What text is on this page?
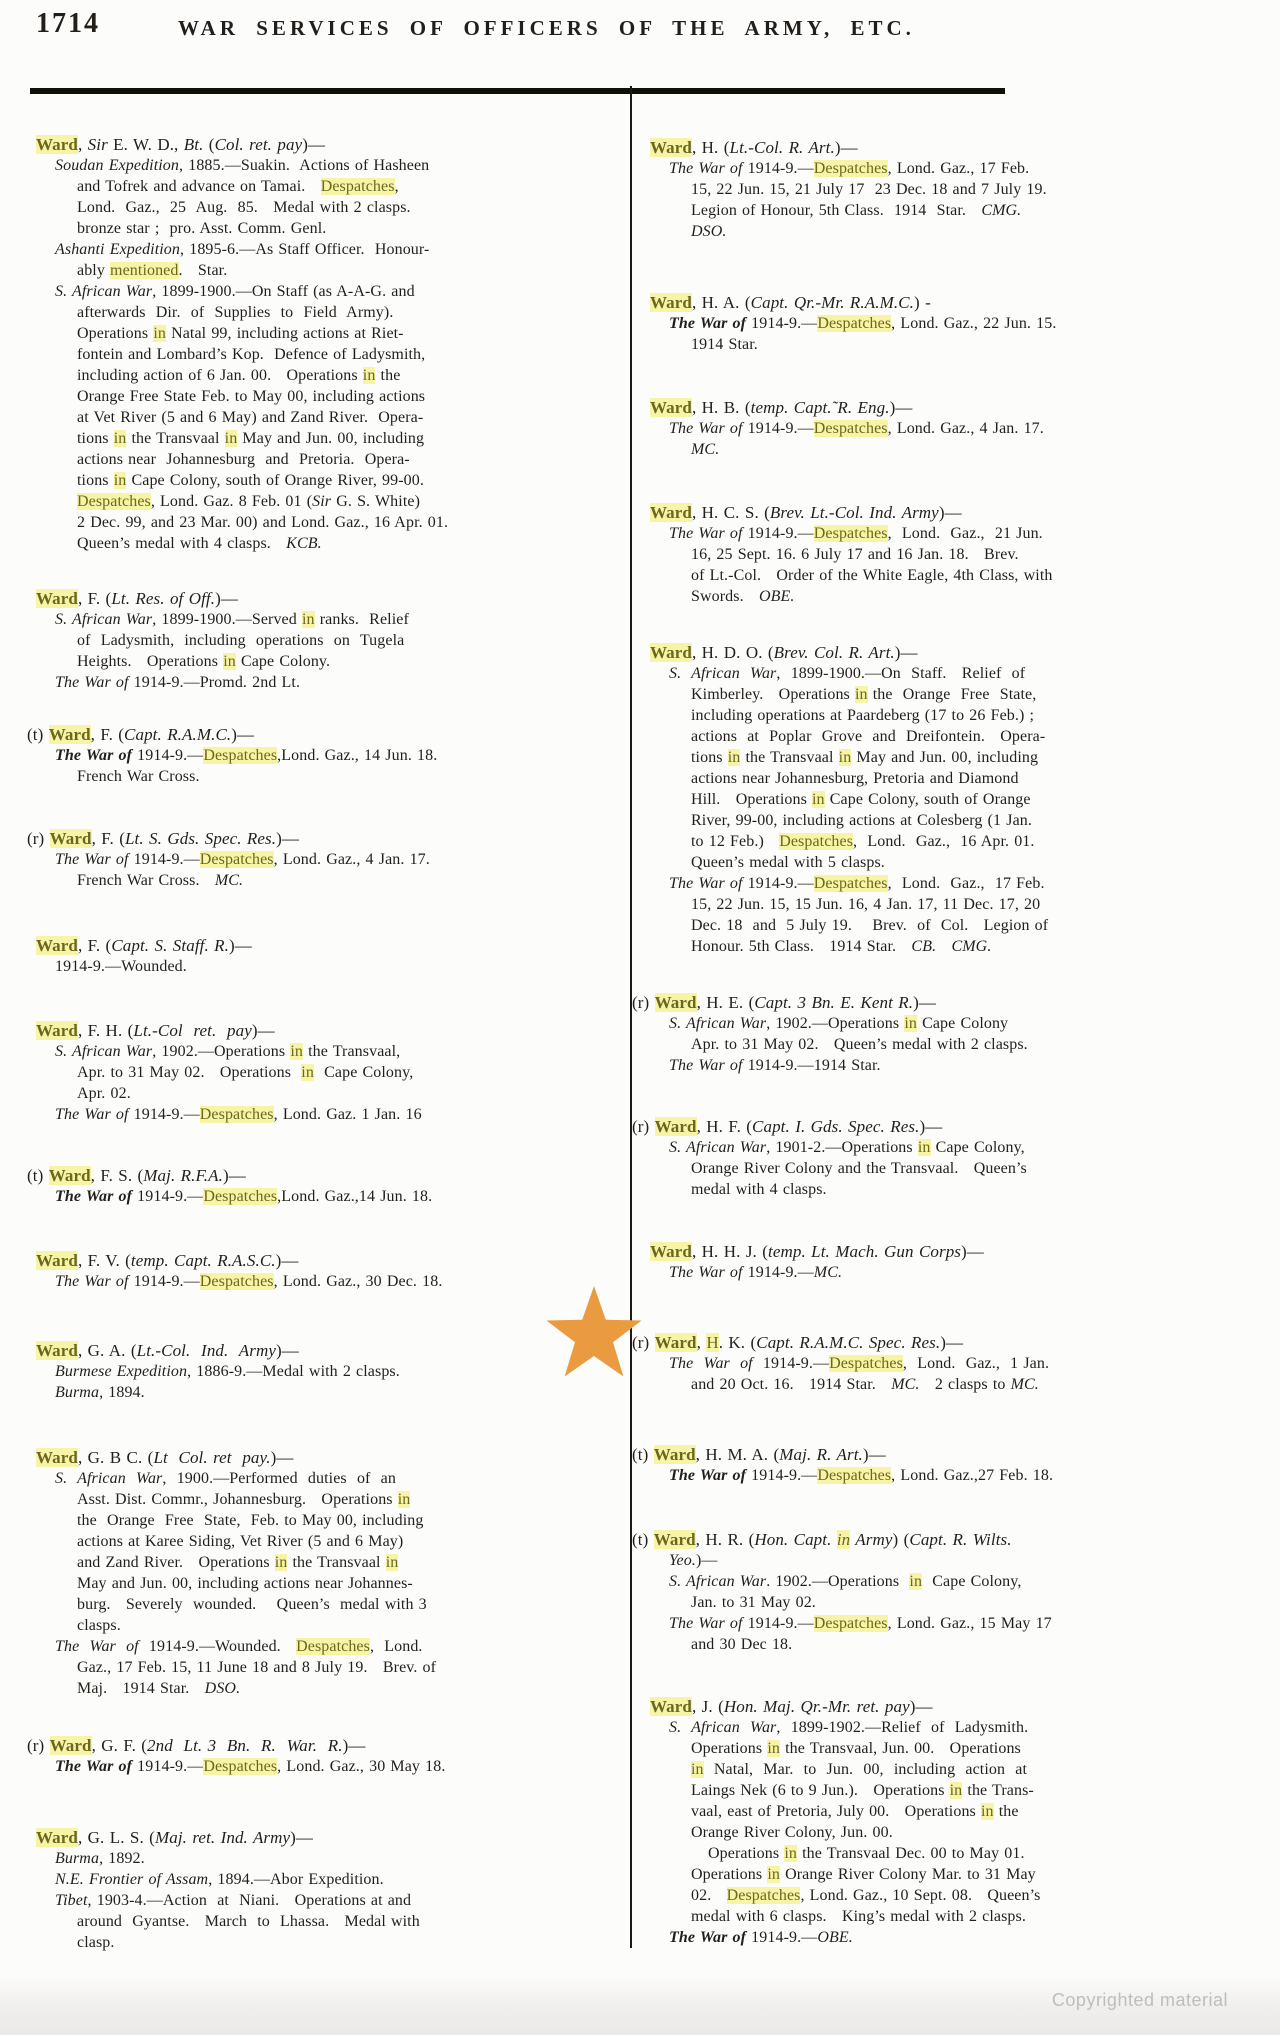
1714	WAR SERVICES OF OFFICERS OF THE ARMY, ETC.
Ward, Sir E. W. D., Bt. (Col. ret. pay)—
Soudan Expedition, 1885.—Suakin.  Actions of Hasheen
and Tofrek and advance on Tamai.   Despatches,
Lond.  Gaz.,  25  Aug.  85.   Medal with 2 clasps.
bronze star ;  pro. Asst. Comm. Genl.
Ashanti Expedition, 1895-6.—As Staff Officer.  Honour-
ably mentioned.   Star.
S. African War, 1899-1900.—On Staff (as A-A-G. and
afterwards  Dir.  of  Supplies  to  Field  Army).
Operations in Natal 99, including actions at Riet-
fontein and Lombard’s Kop.  Defence of Ladysmith,
including action of 6 Jan. 00.   Operations in the
Orange Free State Feb. to May 00, including actions
at Vet River (5 and 6 May) and Zand River.  Opera-
tions in the Transvaal in May and Jun. 00, including
actions near  Johannesburg  and  Pretoria.  Opera-
tions in Cape Colony, south of Orange River, 99-00.
Despatches, Lond. Gaz. 8 Feb. 01 (Sir G. S. White)
2 Dec. 99, and 23 Mar. 00) and Lond. Gaz., 16 Apr. 01.
Queen’s medal with 4 clasps.   KCB.
Ward, F. (Lt. Res. of Off.)—
S. African War, 1899-1900.—Served in ranks.  Relief
of  Ladysmith,  including  operations  on  Tugela
Heights.   Operations in Cape Colony.
The War of 1914-9.—Promd. 2nd Lt.
(t) Ward, F. (Capt. R.A.M.C.)—
The War of 1914-9.—Despatches,Lond. Gaz., 14 Jun. 18.
French War Cross.
(r) Ward, F. (Lt. S. Gds. Spec. Res.)—
The War of 1914-9.—Despatches, Lond. Gaz., 4 Jan. 17.
French War Cross.   MC.
Ward, F. (Capt. S. Staff. R.)—
1914-9.—Wounded.
Ward, F. H. (Lt.-Col  ret.  pay)—
S. African War, 1902.—Operations in the Transvaal,
Apr. to 31 May 02.   Operations  in  Cape Colony,
Apr. 02.
The War of 1914-9.—Despatches, Lond. Gaz. 1 Jan. 16
(t) Ward, F. S. (Maj. R.F.A.)—
The War of 1914-9.—Despatches,Lond. Gaz.,14 Jun. 18.
Ward, F. V. (temp. Capt. R.A.S.C.)—
The War of 1914-9.—Despatches, Lond. Gaz., 30 Dec. 18.
Ward, G. A. (Lt.-Col.  Ind.  Army)—
Burmese Expedition, 1886-9.—Medal with 2 clasps.
Burma, 1894.
Ward, G. B C. (Lt  Col. ret  pay.)—
S.  African  War,  1900.—Performed  duties  of  an
Asst. Dist. Commr., Johannesburg.   Operations in
the  Orange  Free  State,  Feb. to May 00, including
actions at Karee Siding, Vet River (5 and 6 May)
and Zand River.   Operations in the Transvaal in
May and Jun. 00, including actions near Johannes-
burg.   Severely  wounded.    Queen’s  medal with 3
clasps.
The  War  of  1914-9.—Wounded.   Despatches,  Lond.
Gaz., 17 Feb. 15, 11 June 18 and 8 July 19.   Brev. of
Maj.   1914 Star.   DSO.
(r) Ward, G. F. (2nd  Lt. 3  Bn.  R.  War.  R.)—
The War of 1914-9.—Despatches, Lond. Gaz., 30 May 18.
Ward, G. L. S. (Maj. ret. Ind. Army)—
Burma, 1892.
N.E. Frontier of Assam, 1894.—Abor Expedition.
Tibet, 1903-4.—Action  at  Niani.   Operations at and
around  Gyantse.   March  to  Lhassa.   Medal with
clasp.
Ward, H. (Lt.-Col. R. Art.)—
The War of 1914-9.—Despatches, Lond. Gaz., 17 Feb.
15, 22 Jun. 15, 21 July 17  23 Dec. 18 and 7 July 19.
Legion of Honour, 5th Class.  1914  Star.   CMG.
DSO.
Ward, H. A. (Capt. Qr.-Mr. R.A.M.C.) -
The War of 1914-9.—Despatches, Lond. Gaz., 22 Jun. 15.
1914 Star.
Ward, H. B. (temp. Capt.˜R. Eng.)—
The War of 1914-9.—Despatches, Lond. Gaz., 4 Jan. 17.
MC.
Ward, H. C. S. (Brev. Lt.-Col. Ind. Army)—
The War of 1914-9.—Despatches,  Lond.  Gaz.,  21 Jun.
16, 25 Sept. 16. 6 July 17 and 16 Jan. 18.   Brev.
of Lt.-Col.   Order of the White Eagle, 4th Class, with
Swords.   OBE.
Ward, H. D. O. (Brev. Col. R. Art.)—
S.  African  War,  1899-1900.—On  Staff.   Relief  of
Kimberley.   Operations in the  Orange  Free  State,
including operations at Paardeberg (17 to 26 Feb.) ;
actions  at  Poplar  Grove  and  Dreifontein.   Opera-
tions in the Transvaal in May and Jun. 00, including
actions near Johannesburg, Pretoria and Diamond
Hill.   Operations in Cape Colony, south of Orange
River, 99-00, including actions at Colesberg (1 Jan.
to 12 Feb.)   Despatches,  Lond.  Gaz.,  16 Apr. 01.
Queen’s medal with 5 clasps.
The War of 1914-9.—Despatches,  Lond.  Gaz.,  17 Feb.
15, 22 Jun. 15, 15 Jun. 16, 4 Jan. 17, 11 Dec. 17, 20
Dec. 18  and  5 July 19.    Brev.  of  Col.   Legion of
Honour. 5th Class.   1914 Star.   CB. CMG.
(r) Ward, H. E. (Capt. 3 Bn. E. Kent R.)—
S. African War, 1902.—Operations in Cape Colony
Apr. to 31 May 02.   Queen’s medal with 2 clasps.
The War of 1914-9.—1914 Star.
(r) Ward, H. F. (Capt. I. Gds. Spec. Res.)—
S. African War, 1901-2.—Operations in Cape Colony,
Orange River Colony and the Transvaal.   Queen’s
medal with 4 clasps.
Ward, H. H. J. (temp. Lt. Mach. Gun Corps)—
The War of 1914-9.—MC.
(r) Ward, H. K. (Capt. R.A.M.C. Spec. Res.)—
The  War  of  1914-9.—Despatches,  Lond.  Gaz.,  1 Jan.
and 20 Oct. 16.   1914 Star.   MC.   2 clasps to MC.
(t) Ward, H. M. A. (Maj. R. Art.)—
The War of 1914-9.—Despatches, Lond. Gaz.,27 Feb. 18.
(t) Ward, H. R. (Hon. Capt. in Army) (Capt. R. Wilts.
Yeo.)—
S. African War. 1902.—Operations  in  Cape Colony,
Jan. to 31 May 02.
The War of 1914-9.—Despatches, Lond. Gaz., 15 May 17
and 30 Dec 18.
Ward, J. (Hon. Maj. Qr.-Mr. ret. pay)—
S.  African  War,  1899-1902.—Relief  of  Ladysmith.
Operations in the Transvaal, Jun. 00.   Operations
in  Natal,  Mar.  to  Jun.  00,  including  action  at
Laings Nek (6 to 9 Jun.).   Operations in the Trans-
vaal, east of Pretoria, July 00.   Operations in the
Orange River Colony, Jun. 00.
Operations in the Transvaal Dec. 00 to May 01.
Operations in Orange River Colony Mar. to 31 May
02.   Despatches, Lond. Gaz., 10 Sept. 08.   Queen’s
medal with 6 clasps.   King’s medal with 2 clasps.
The War of 1914-9.—OBE.
Copyrighted material
